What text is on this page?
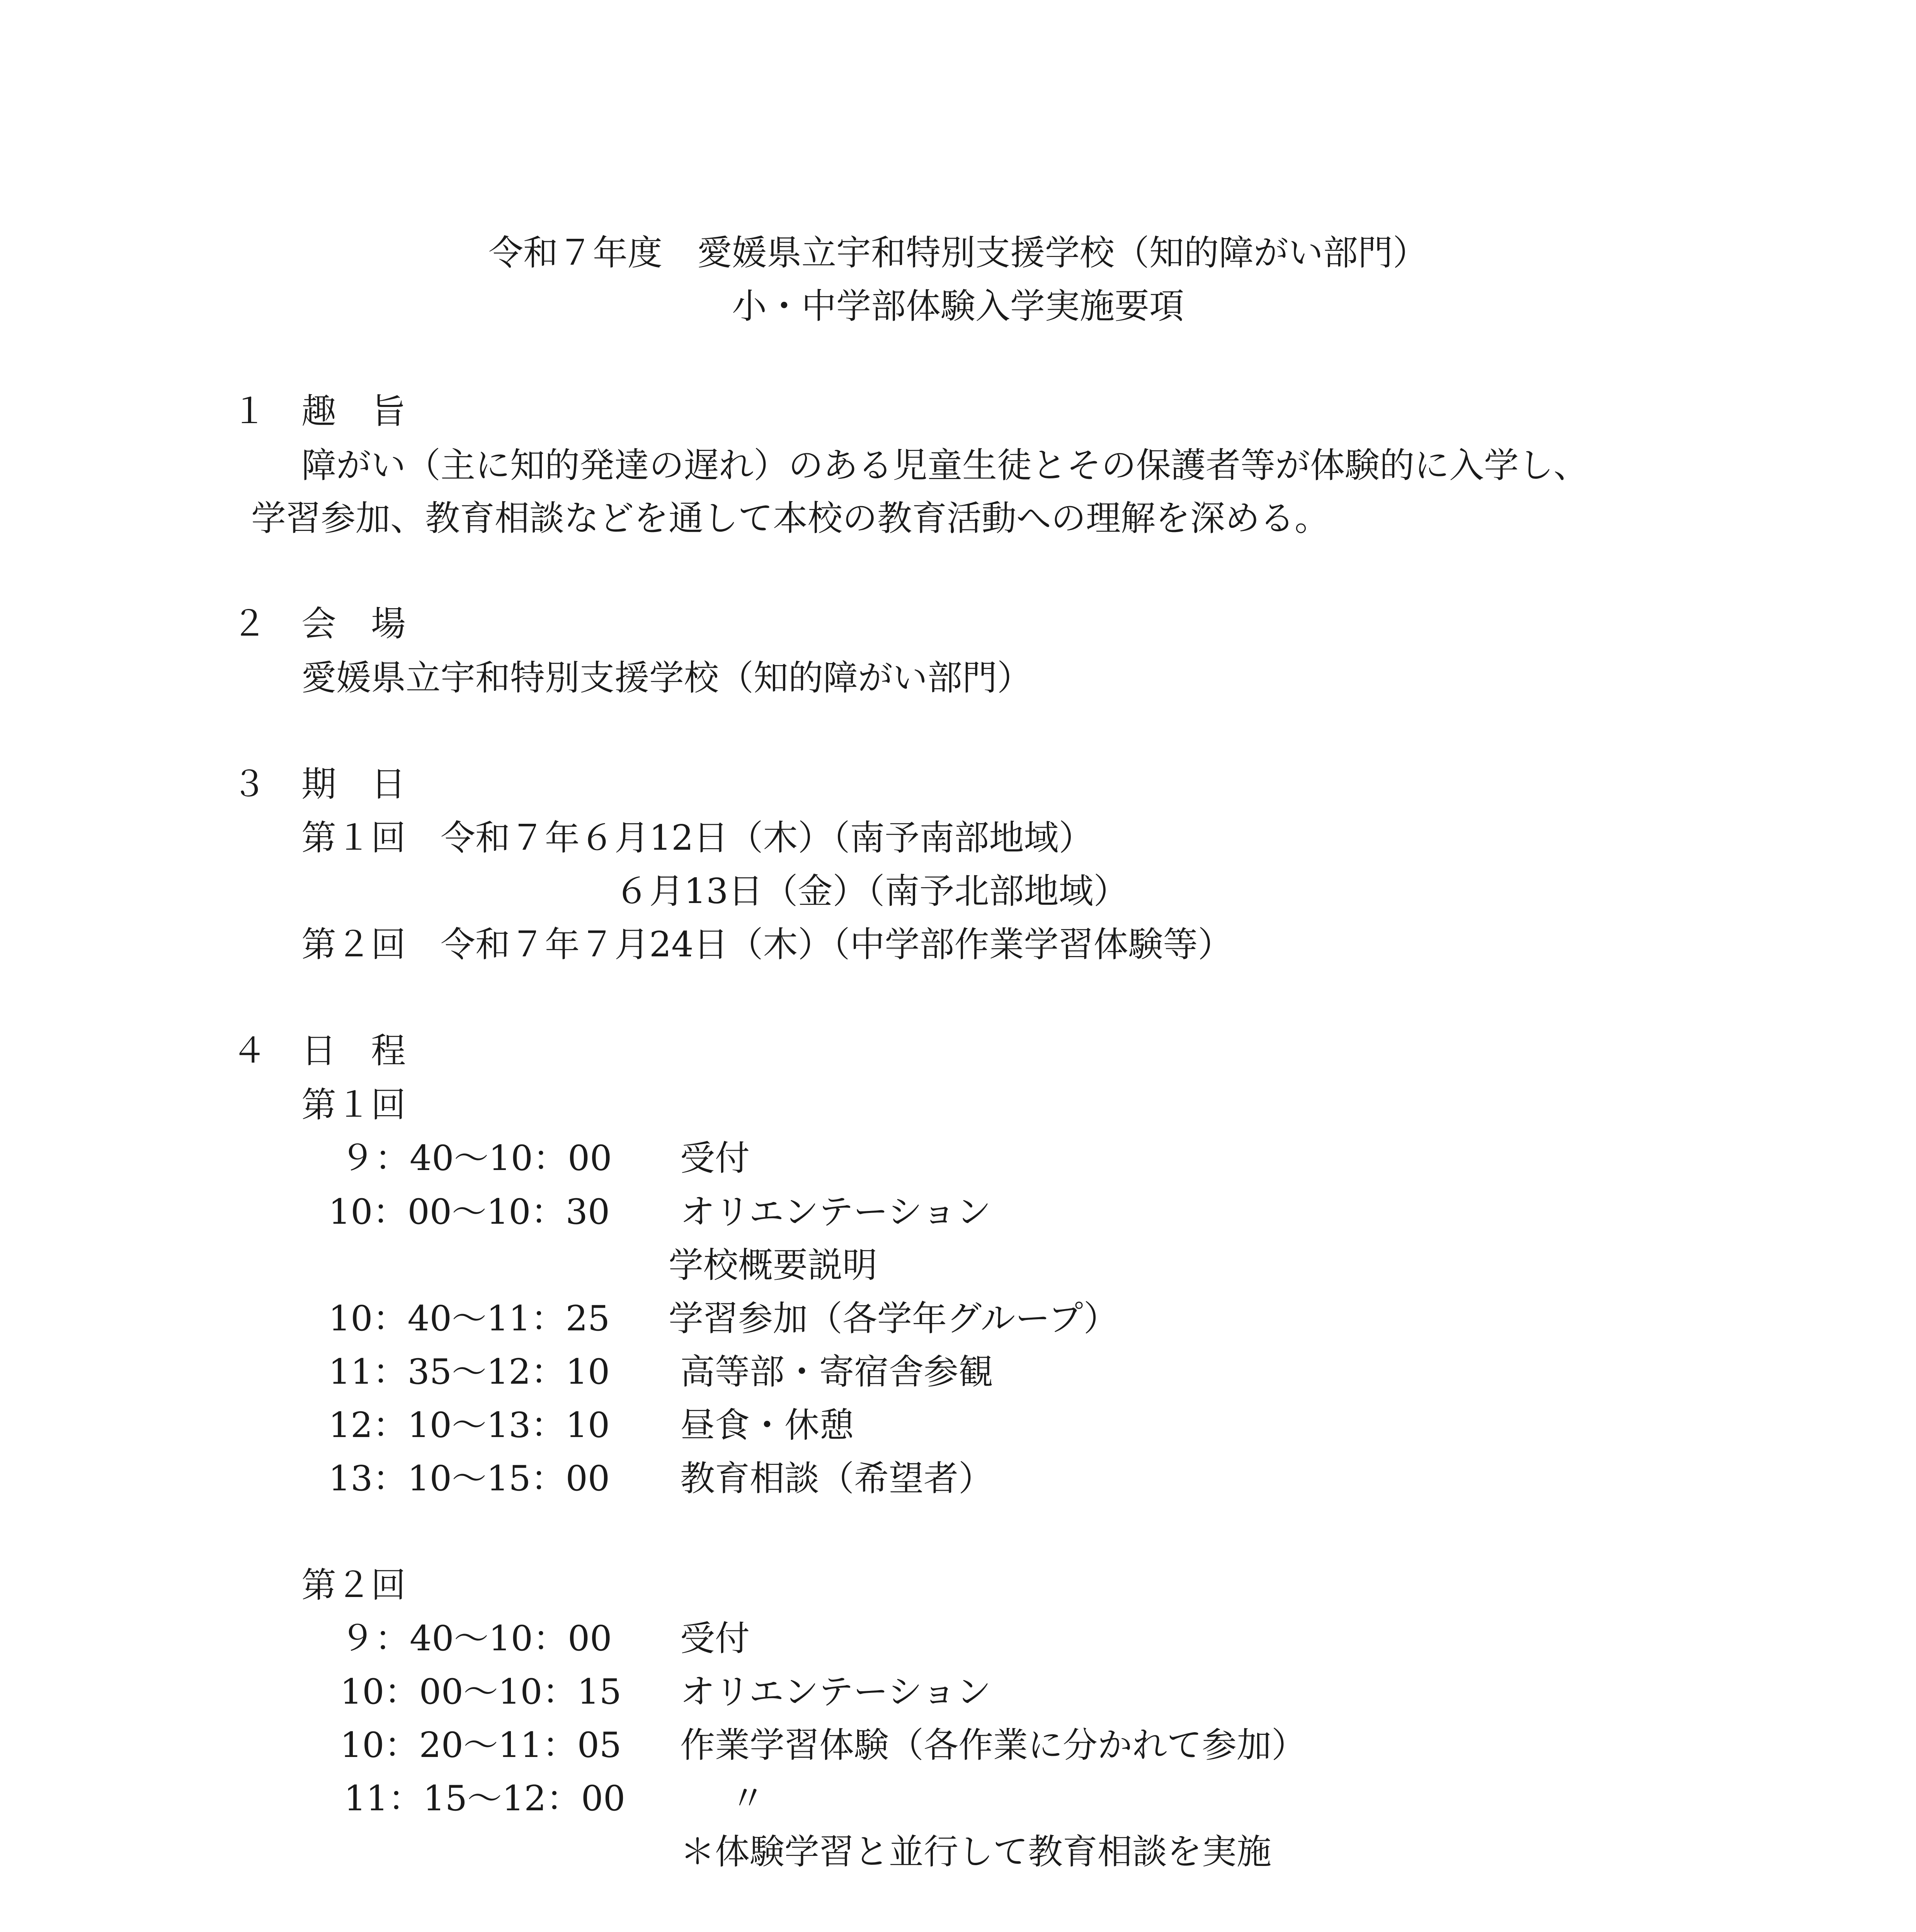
令和７年度　愛媛県立宇和特別支援学校（知的障がい部門）
小・中学部体験入学実施要項
１　趣　旨
障がい（主に知的発達の遅れ）のある児童生徒とその保護者等が体験的に入学し、
学習参加、教育相談などを通して本校の教育活動への理解を深める。
２　会　場
愛媛県立宇和特別支援学校（知的障がい部門）
３　期　日
第１回　令和７年６月12日（木）（南予南部地域）
６月13日（金）（南予北部地域）
第２回　令和７年７月24日（木）（中学部作業学習体験等）
４　日　程
第１回
９：40～10：00 受付
10：00～10：30 オリエンテーション
学校概要説明
10：40～11：25 学習参加（各学年グループ）
11：35～12：10 高等部・寄宿舎参観
12：10～13：10 昼食・休憩
13：10～15：00 教育相談（希望者）
第２回
９：40～10：00 受付
10：00～10：15 オリエンテーション
10：20～11：05 作業学習体験（各作業に分かれて参加）
11：15～12：00	〃
＊体験学習と並行して教育相談を実施
